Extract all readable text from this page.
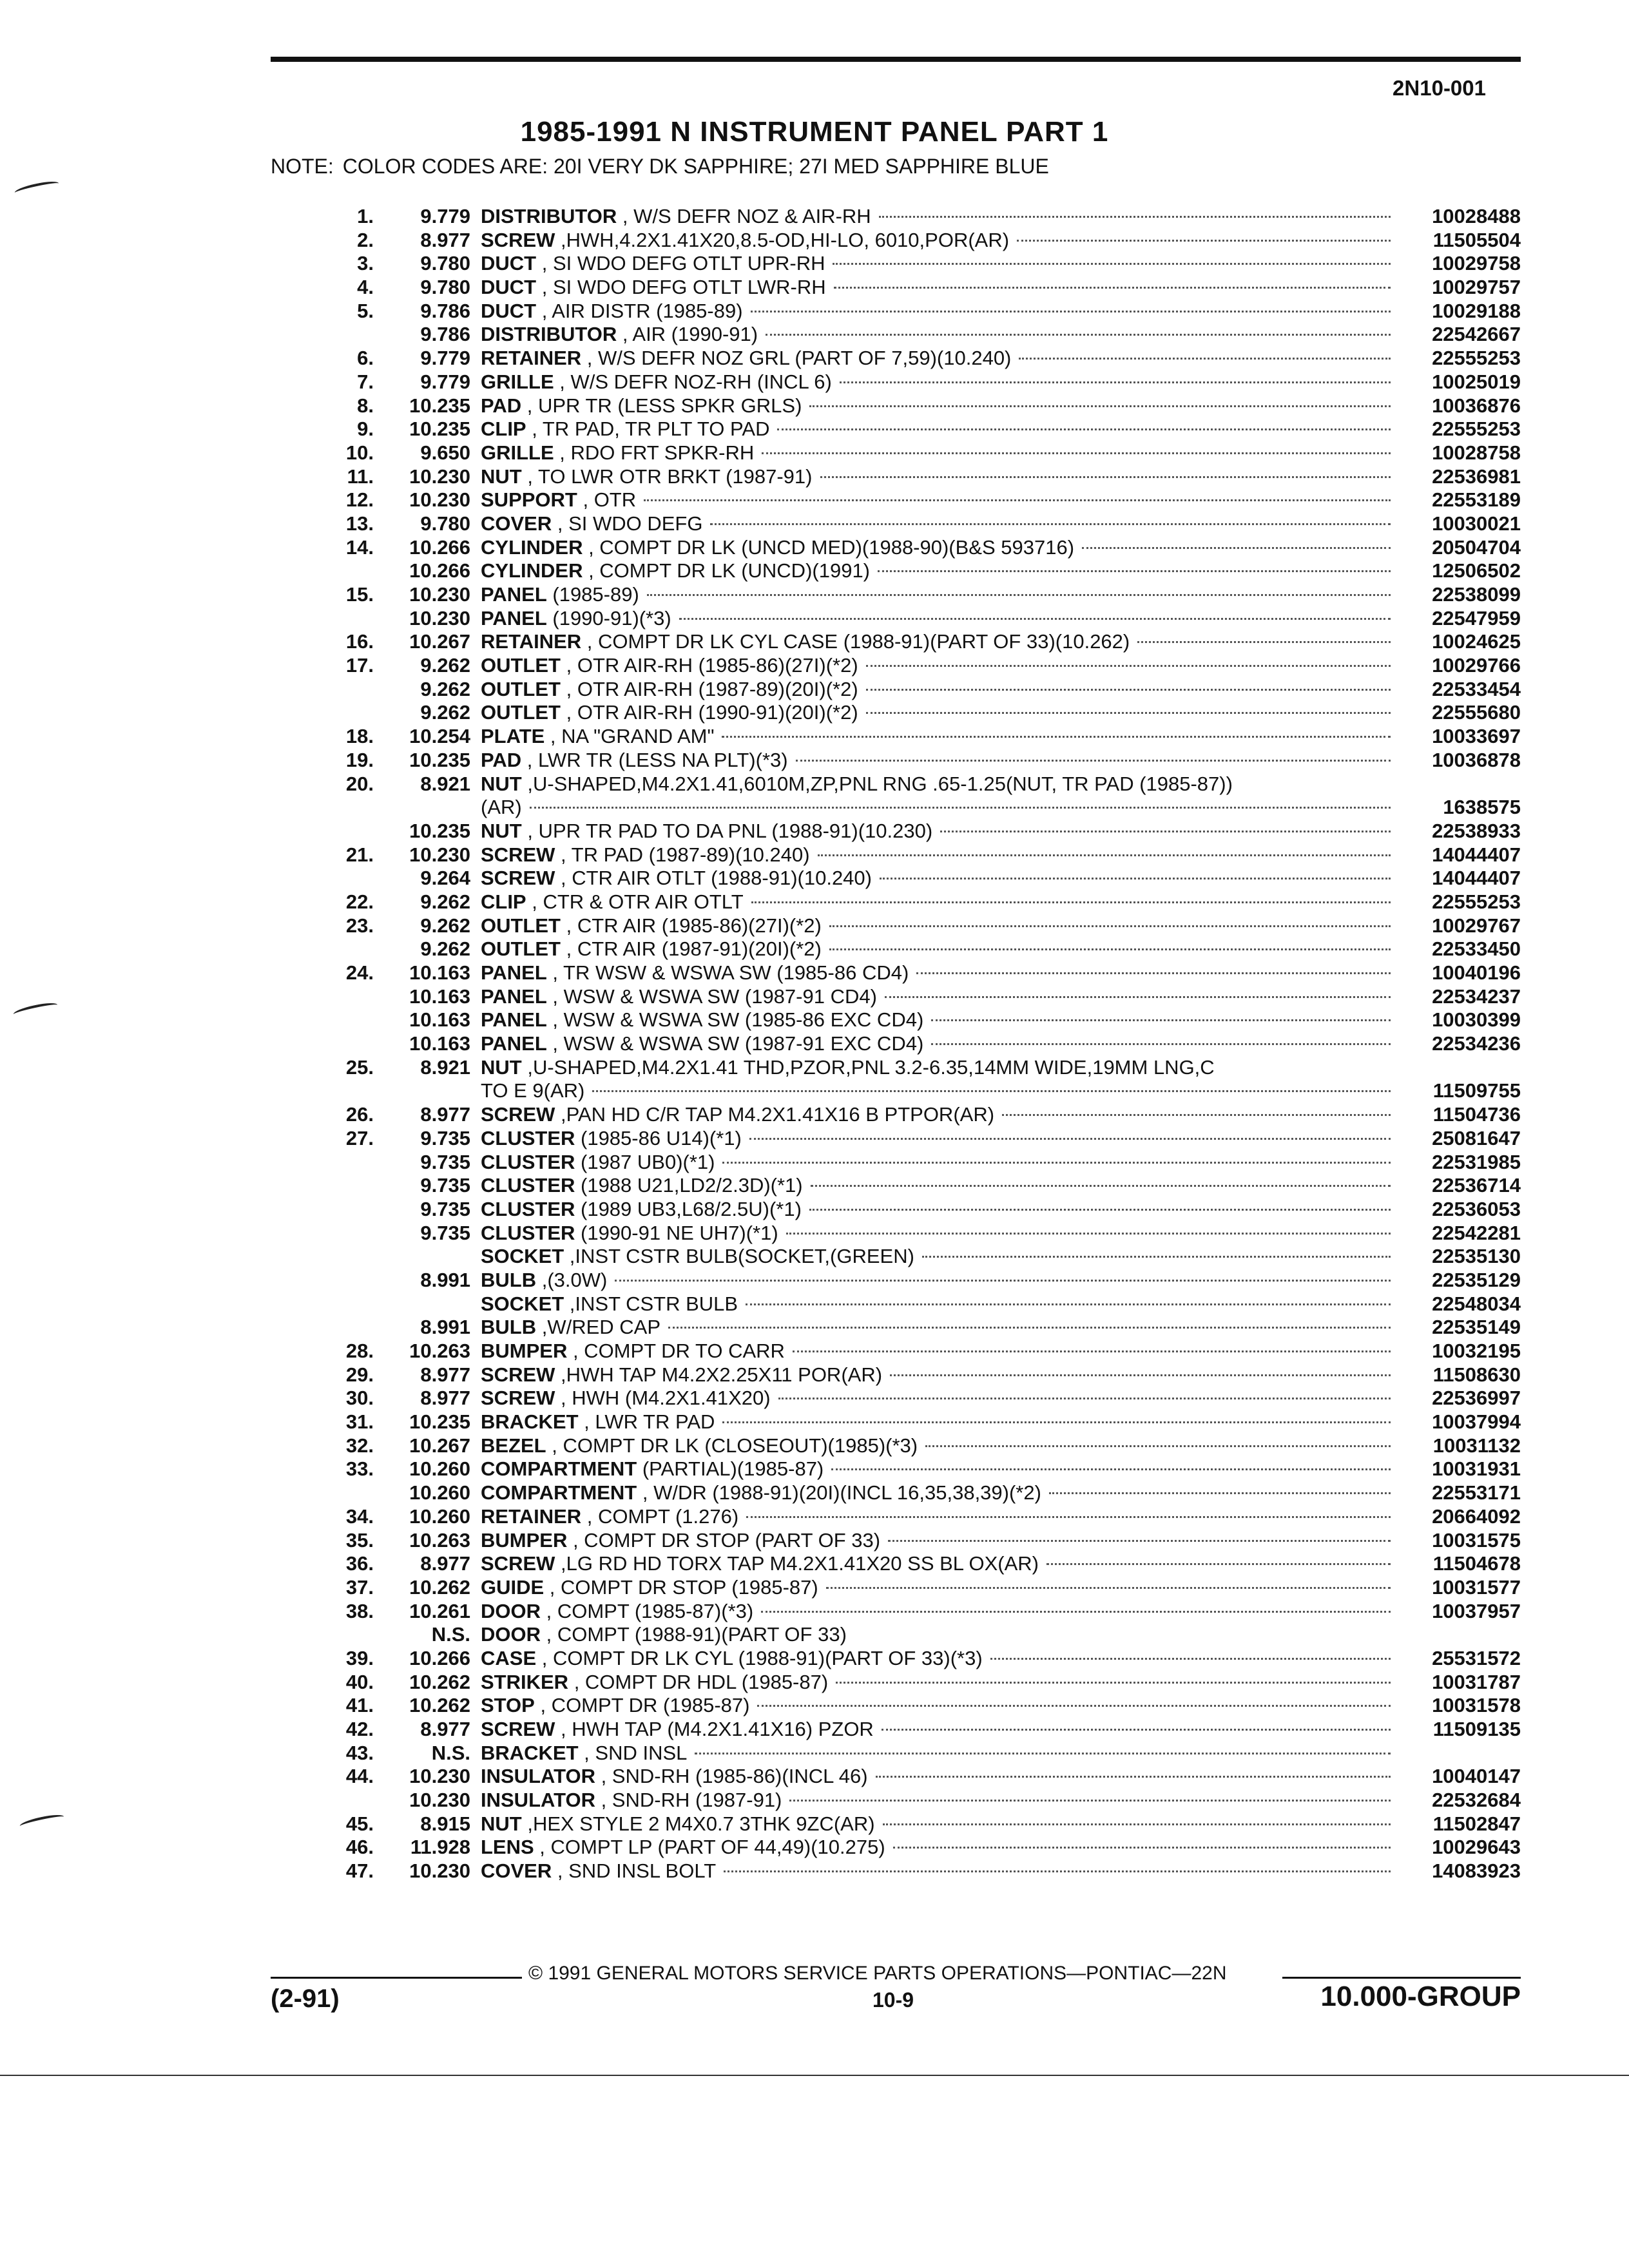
2N10-001
1985-1991 N INSTRUMENT PANEL PART 1
NOTE: COLOR CODES ARE: 20I VERY DK SAPPHIRE; 27I MED SAPPHIRE BLUE
1.	9.779 DISTRIBUTOR , W/S DEFR NOZ & AIR-RH	10028488
2.	8.977 SCREW ,HWH,4.2X1.41X20,8.5-OD,HI-LO, 6010,POR(AR)	11505504
3.	9.780 DUCT , SI WDO DEFG OTLT UPR-RH	10029758
4.	9.780 DUCT , SI WDO DEFG OTLT LWR-RH	10029757
5.	9.786 DUCT , AIR DISTR (1985-89)	10029188
9.786 DISTRIBUTOR , AIR (1990-91)	22542667
6.	9.779 RETAINER , W/S DEFR NOZ GRL (PART OF 7,59)(10.240)	22555253
7.	9.779 GRILLE , W/S DEFR NOZ-RH (INCL 6)	10025019
8.	10.235 PAD , UPR TR (LESS SPKR GRLS)	10036876
9.	10.235 CLIP , TR PAD, TR PLT TO PAD	22555253
10.	9.650 GRILLE , RDO FRT SPKR-RH	10028758
11.	10.230 NUT , TO LWR OTR BRKT (1987-91)	22536981
12.	10.230 SUPPORT , OTR	22553189
13.	9.780 COVER , SI WDO DEFG	10030021
14.	10.266 CYLINDER , COMPT DR LK (UNCD MED)(1988-90)(B&S 593716)	20504704
10.266 CYLINDER , COMPT DR LK (UNCD)(1991)	12506502
15.	10.230 PANEL (1985-89)	22538099
10.230 PANEL (1990-91)(*3)	22547959
16.	10.267 RETAINER , COMPT DR LK CYL CASE (1988-91)(PART OF 33)(10.262)	10024625
17.	9.262 OUTLET , OTR AIR-RH (1985-86)(27I)(*2)	10029766
9.262 OUTLET , OTR AIR-RH (1987-89)(20I)(*2)	22533454
9.262 OUTLET , OTR AIR-RH (1990-91)(20I)(*2)	22555680
18.	10.254 PLATE , NA "GRAND AM"	10033697
19.	10.235 PAD , LWR TR (LESS NA PLT)(*3)	10036878
20.	8.921 NUT ,U-SHAPED,M4.2X1.41,6010M,ZP,PNL RNG .65-1.25(NUT, TR PAD (1985-87))
(AR)	1638575
10.235 NUT , UPR TR PAD TO DA PNL (1988-91)(10.230)	22538933
21.	10.230 SCREW , TR PAD (1987-89)(10.240)	14044407
9.264 SCREW , CTR AIR OTLT (1988-91)(10.240)	14044407
22.	9.262 CLIP , CTR & OTR AIR OTLT	22555253
23.	9.262 OUTLET , CTR AIR (1985-86)(27I)(*2)	10029767
9.262 OUTLET , CTR AIR (1987-91)(20I)(*2)	22533450
24.	10.163 PANEL , TR WSW & WSWA SW (1985-86 CD4)	10040196
10.163 PANEL , WSW & WSWA SW (1987-91 CD4)	22534237
10.163 PANEL , WSW & WSWA SW (1985-86 EXC CD4)	10030399
10.163 PANEL , WSW & WSWA SW (1987-91 EXC CD4)	22534236
25.	8.921 NUT ,U-SHAPED,M4.2X1.41 THD,PZOR,PNL 3.2-6.35,14MM WIDE,19MM LNG,C
TO E 9(AR)	11509755
26.	8.977 SCREW ,PAN HD C/R TAP M4.2X1.41X16 B PTPOR(AR)	11504736
27.	9.735 CLUSTER (1985-86 U14)(*1)	25081647
9.735 CLUSTER (1987 UB0)(*1)	22531985
9.735 CLUSTER (1988 U21,LD2/2.3D)(*1)	22536714
9.735 CLUSTER (1989 UB3,L68/2.5U)(*1)	22536053
9.735 CLUSTER (1990-91 NE UH7)(*1)	22542281
SOCKET ,INST CSTR BULB(SOCKET,(GREEN)	22535130
8.991 BULB ,(3.0W)	22535129
SOCKET ,INST CSTR BULB	22548034
8.991 BULB ,W/RED CAP	22535149
28.	10.263 BUMPER , COMPT DR TO CARR	10032195
29.	8.977 SCREW ,HWH TAP M4.2X2.25X11 POR(AR)	11508630
30.	8.977 SCREW , HWH (M4.2X1.41X20)	22536997
31.	10.235 BRACKET , LWR TR PAD	10037994
32.	10.267 BEZEL , COMPT DR LK (CLOSEOUT)(1985)(*3)	10031132
33.	10.260 COMPARTMENT (PARTIAL)(1985-87)	10031931
10.260 COMPARTMENT , W/DR (1988-91)(20I)(INCL 16,35,38,39)(*2)	22553171
34.	10.260 RETAINER , COMPT (1.276)	20664092
35.	10.263 BUMPER , COMPT DR STOP (PART OF 33)	10031575
36.	8.977 SCREW ,LG RD HD TORX TAP M4.2X1.41X20 SS BL OX(AR)	11504678
37.	10.262 GUIDE , COMPT DR STOP (1985-87)	10031577
38.	10.261 DOOR , COMPT (1985-87)(*3)	10037957
N.S. DOOR , COMPT (1988-91)(PART OF 33)
39.	10.266 CASE , COMPT DR LK CYL (1988-91)(PART OF 33)(*3)	25531572
40.	10.262 STRIKER , COMPT DR HDL (1985-87)	10031787
41.	10.262 STOP , COMPT DR (1985-87)	10031578
42.	8.977 SCREW , HWH TAP (M4.2X1.41X16) PZOR	11509135
43.	N.S. BRACKET , SND INSL
44.	10.230 INSULATOR , SND-RH (1985-86)(INCL 46)	10040147
10.230 INSULATOR , SND-RH (1987-91)	22532684
45.	8.915 NUT ,HEX STYLE 2 M4X0.7 3THK 9ZC(AR)	11502847
46.	11.928 LENS , COMPT LP (PART OF 44,49)(10.275)	10029643
47.	10.230 COVER , SND INSL BOLT	14083923
© 1991 GENERAL MOTORS SERVICE PARTS OPERATIONS—PONTIAC—22N
(2-91)	10-9	10.000-GROUP
